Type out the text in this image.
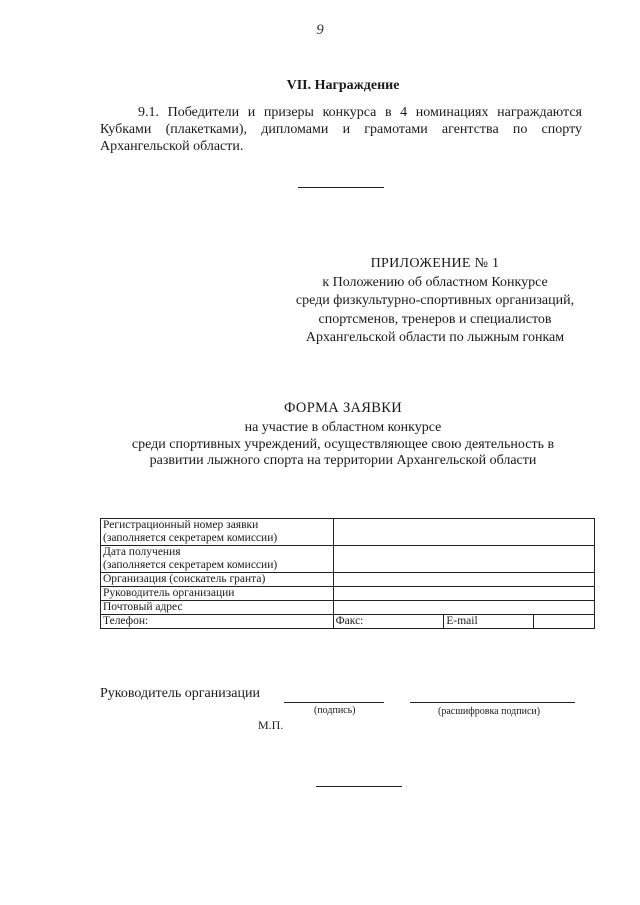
9
VII. Награждение
9.1. Победители и призеры конкурса в 4 номинациях награждаются
Кубками (плакетками), дипломами и грамотами агентства по спорту
Архангельской области.
ПРИЛОЖЕНИЕ № 1
к Положению об областном Конкурсе
среди физкультурно-спортивных организаций,
спортсменов, тренеров и специалистов
Архангельской области по лыжным гонкам
ФОРМА ЗАЯВКИ
на участие в областном конкурсе
среди спортивных учреждений, осуществляющее свою деятельность в
развитии лыжного спорта на территории Архангельской области
Регистрационный номер заявки
(заполняется секретарем комиссии)			

Дата получения
(заполняется секретарем комиссии)			

Организация (соискатель гранта)			
Руководитель организации			
Почтовый адрес			
Телефон:	Факс:	E-mail	
Руководитель организации
(подпись)	(расшифровка подписи)
М.П.
